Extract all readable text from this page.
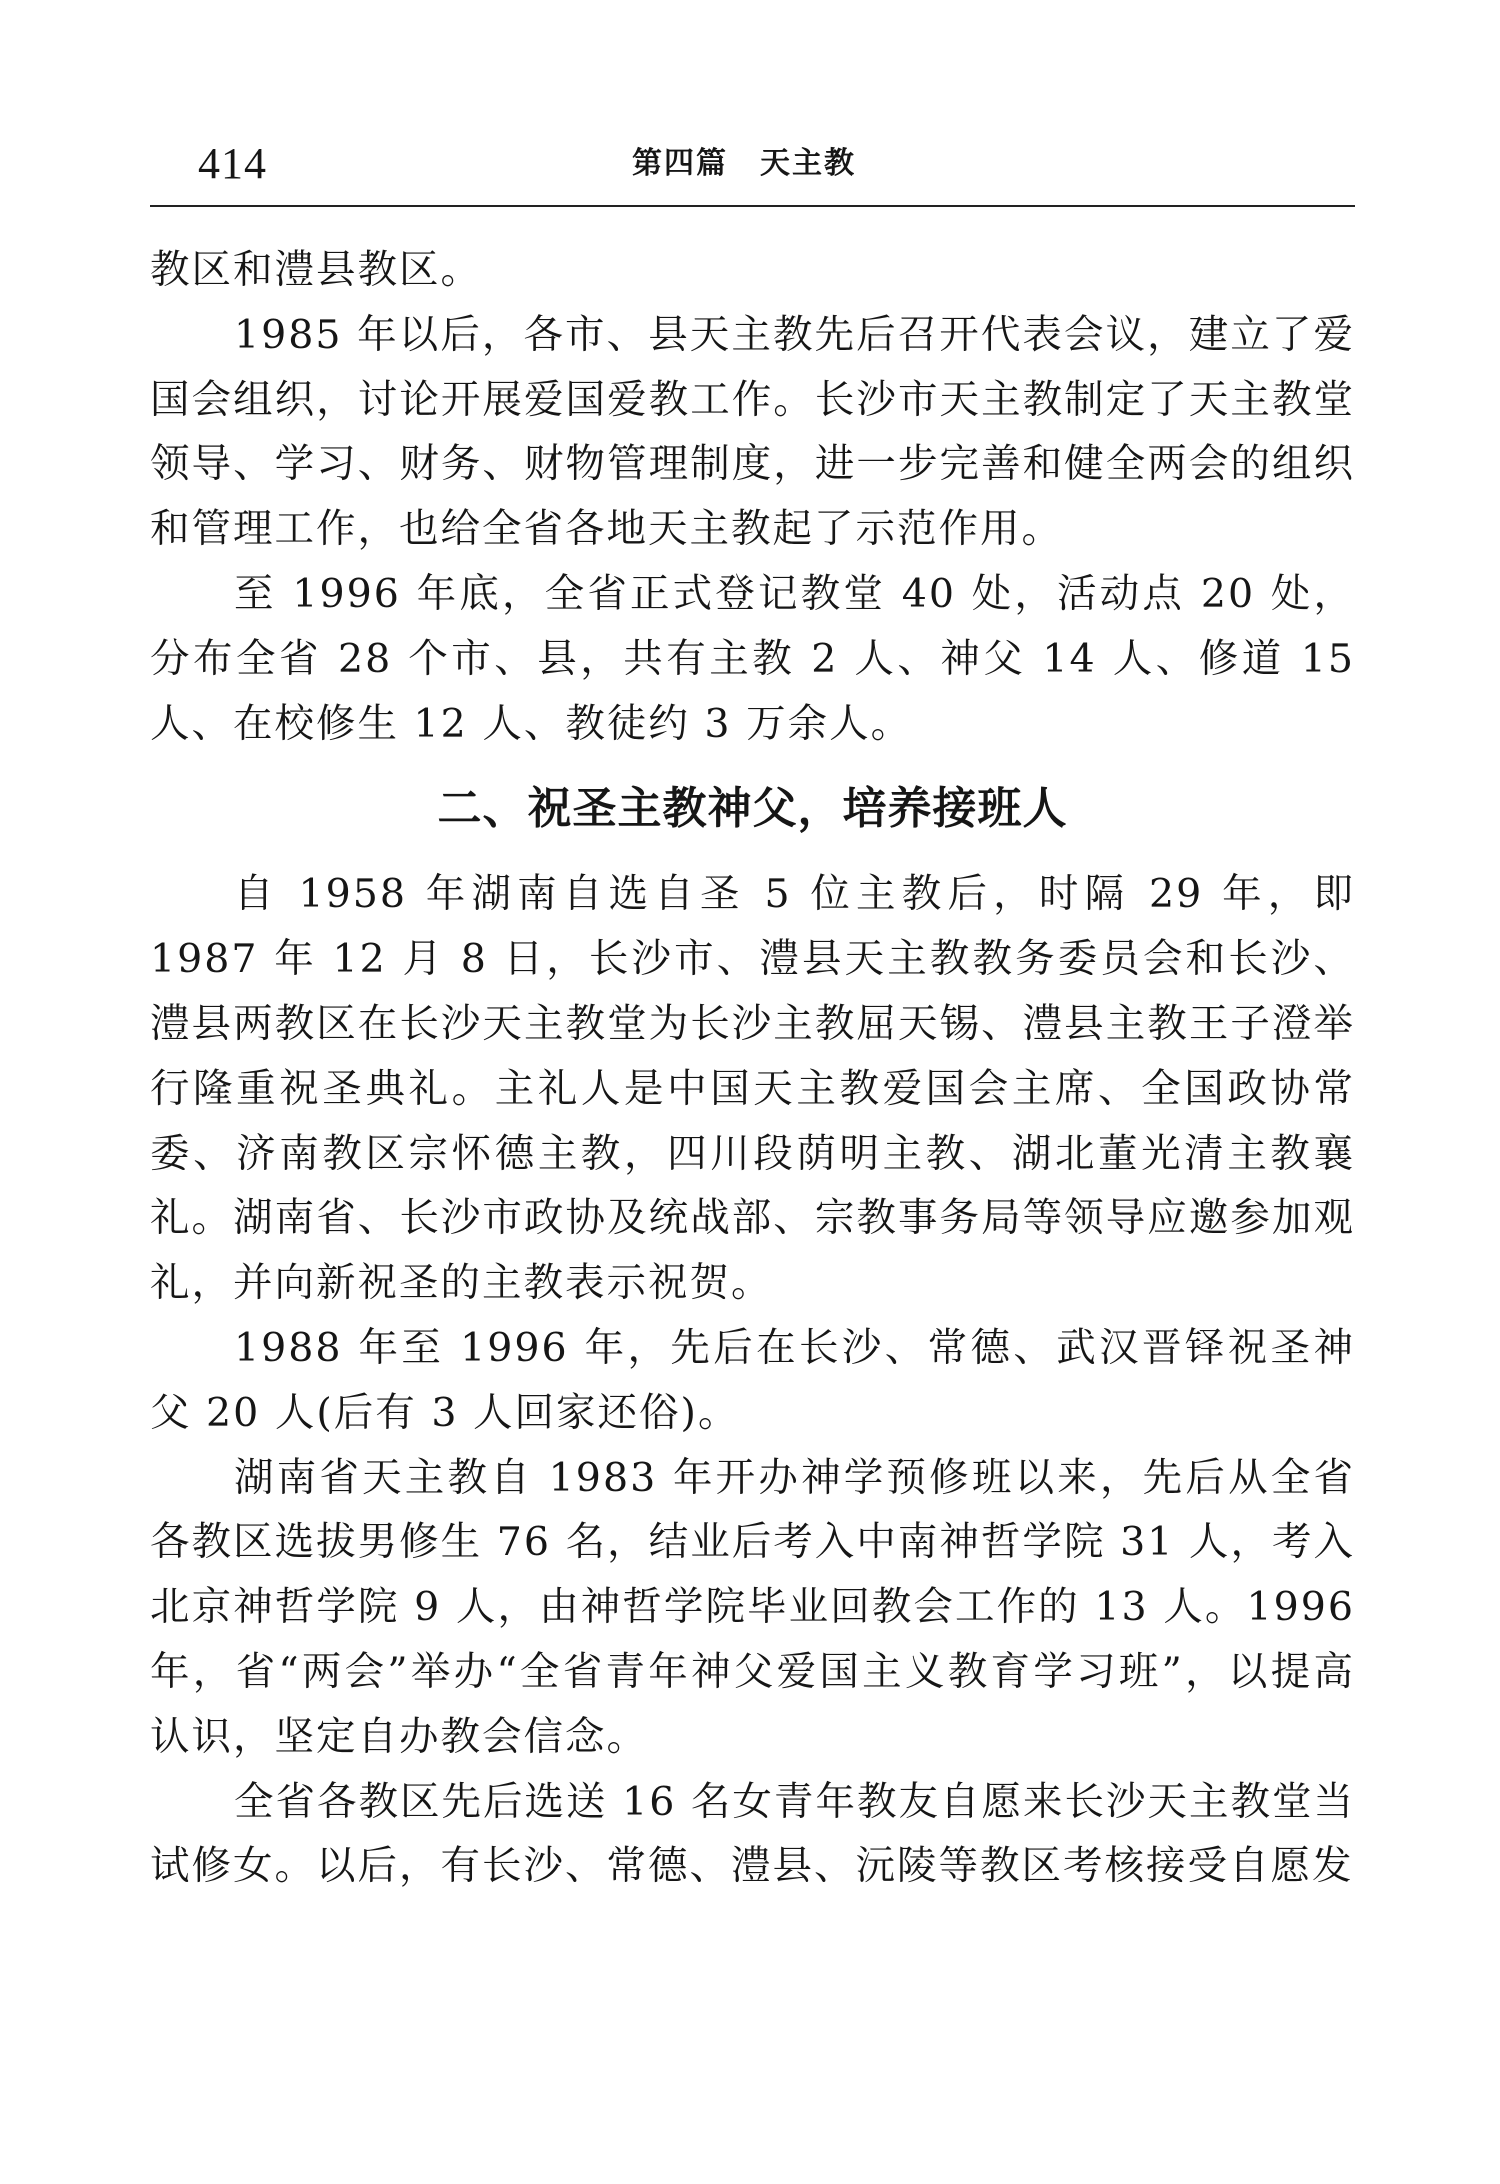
414	第四篇　天主教

教区和澧县教区。

1985 年以后，各市、县天主教先后召开代表会议，建立了爱国会组织，讨论开展爱国爱教工作。长沙市天主教制定了天主教堂领导、学习、财务、财物管理制度，进一步完善和健全两会的组织和管理工作，也给全省各地天主教起了示范作用。

至 1996 年底，全省正式登记教堂 40 处，活动点 20 处，分布全省 28 个市、县，共有主教 2 人、神父 14 人、修道 15 人、在校修生 12 人、教徒约 3 万余人。

二、祝圣主教神父，培养接班人

自 1958 年湖南自选自圣 5 位主教后，时隔 29 年，即 1987 年 12 月 8 日，长沙市、澧县天主教教务委员会和长沙、澧县两教区在长沙天主教堂为长沙主教屈天锡、澧县主教王子澄举行隆重祝圣典礼。主礼人是中国天主教爱国会主席、全国政协常委、济南教区宗怀德主教，四川段荫明主教、湖北董光清主教襄礼。湖南省、长沙市政协及统战部、宗教事务局等领导应邀参加观礼，并向新祝圣的主教表示祝贺。

1988 年至 1996 年，先后在长沙、常德、武汉晋铎祝圣神父 20 人(后有 3 人回家还俗)。

湖南省天主教自 1983 年开办神学预修班以来，先后从全省各教区选拔男修生 76 名，结业后考入中南神哲学院 31 人，考入北京神哲学院 9 人，由神哲学院毕业回教会工作的 13 人。1996 年，省“两会”举办“全省青年神父爱国主义教育学习班”，以提高认识，坚定自办教会信念。

全省各教区先后选送 16 名女青年教友自愿来长沙天主教堂当试修女。以后，有长沙、常德、澧县、沅陵等教区考核接受自愿发
